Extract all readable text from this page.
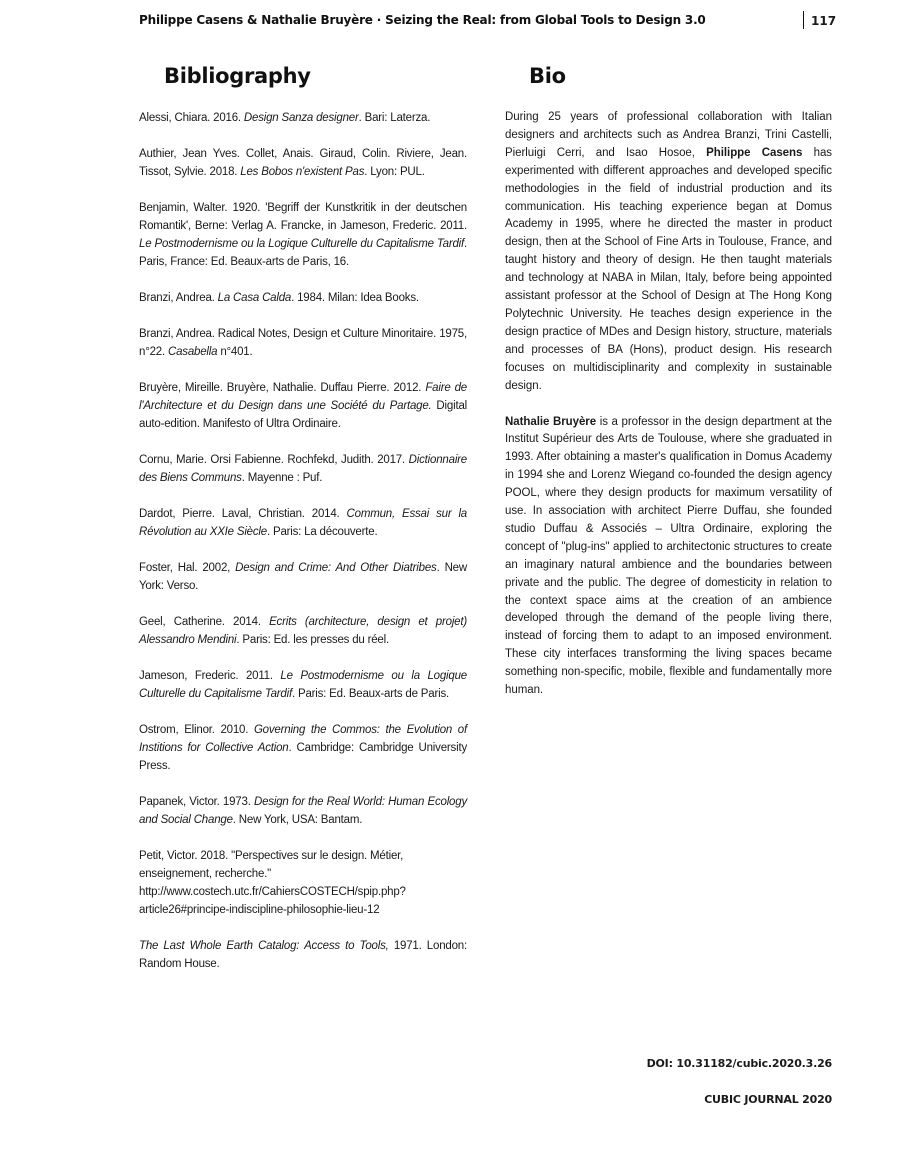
Philippe Casens & Nathalie Bruyère · Seizing the Real: from Global Tools to Design 3.0	117
Bibliography	Bio

Alessi, Chiara. 2016. Design Sanza designer. Bari: Laterza.

Authier, Jean Yves. Collet, Anais. Giraud, Colin. Riviere, Jean. Tissot, Sylvie. 2018. Les Bobos n'existent Pas. Lyon: PUL.

Benjamin, Walter. 1920. 'Begriff der Kunstkritik in der deutschen Romantik', Berne: Verlag A. Francke, in Jameson, Frederic. 2011. Le Postmodernisme ou la Logique Culturelle du Capitalisme Tardif. Paris, France: Ed. Beaux-arts de Paris, 16.

Branzi, Andrea. La Casa Calda. 1984. Milan: Idea Books.

Branzi, Andrea. Radical Notes, Design et Culture Minoritaire. 1975, n°22. Casabella n°401.

Bruyère, Mireille. Bruyère, Nathalie. Duffau Pierre. 2012. Faire de l'Architecture et du Design dans une Société du Partage. Digital auto-edition. Manifesto of Ultra Ordinaire.

Cornu, Marie. Orsi Fabienne. Rochfekd, Judith. 2017. Dictionnaire des Biens Communs. Mayenne : Puf.

Dardot, Pierre. Laval, Christian. 2014. Commun, Essai sur la Révolution au XXIe Siècle. Paris: La découverte.

Foster, Hal. 2002, Design and Crime: And Other Diatribes. New York: Verso.

Geel, Catherine. 2014. Ecrits (architecture, design et projet) Alessandro Mendini. Paris: Ed. les presses du réel.

Jameson, Frederic. 2011. Le Postmodernisme ou la Logique Culturelle du Capitalisme Tardif. Paris: Ed. Beaux-arts de Paris.

Ostrom, Elinor. 2010. Governing the Commos: the Evolution of Institions for Collective Action. Cambridge: Cambridge University Press.

Papanek, Victor. 1973. Design for the Real World: Human Ecology and Social Change. New York, USA: Bantam.

Petit, Victor. 2018. "Perspectives sur le design. Métier, enseignement, recherche." http://www.costech.utc.fr/CahiersCOSTECH/spip.php?article26#principe-indiscipline-philosophie-lieu-12

The Last Whole Earth Catalog: Access to Tools, 1971. London: Random House.

During 25 years of professional collaboration with Italian designers and architects such as Andrea Branzi, Trini Castelli, Pierluigi Cerri, and Isao Hosoe, Philippe Casens has experimented with different approaches and developed specific methodologies in the field of industrial production and its communication. His teaching experience began at Domus Academy in 1995, where he directed the master in product design, then at the School of Fine Arts in Toulouse, France, and taught history and theory of design. He then taught materials and technology at NABA in Milan, Italy, before being appointed assistant professor at the School of Design at The Hong Kong Polytechnic University. He teaches design experience in the design practice of MDes and Design history, structure, materials and processes of BA (Hons), product design. His research focuses on multidisciplinarity and complexity in sustainable design.

Nathalie Bruyère is a professor in the design department at the Institut Supérieur des Arts de Toulouse, where she graduated in 1993. After obtaining a master's qualification in Domus Academy in 1994 she and Lorenz Wiegand co-founded the design agency POOL, where they design products for maximum versatility of use. In association with architect Pierre Duffau, she founded studio Duffau & Associés – Ultra Ordinaire, exploring the concept of "plug-ins" applied to architectonic structures to create an imaginary natural ambience and the boundaries between private and the public. The degree of domesticity in relation to the context space aims at the creation of an ambience developed through the demand of the people living there, instead of forcing them to adapt to an imposed environment. These city interfaces transforming the living spaces became something non-specific, mobile, flexible and fundamentally more human.

DOI: 10.31182/cubic.2020.3.26
CUBIC JOURNAL 2020
